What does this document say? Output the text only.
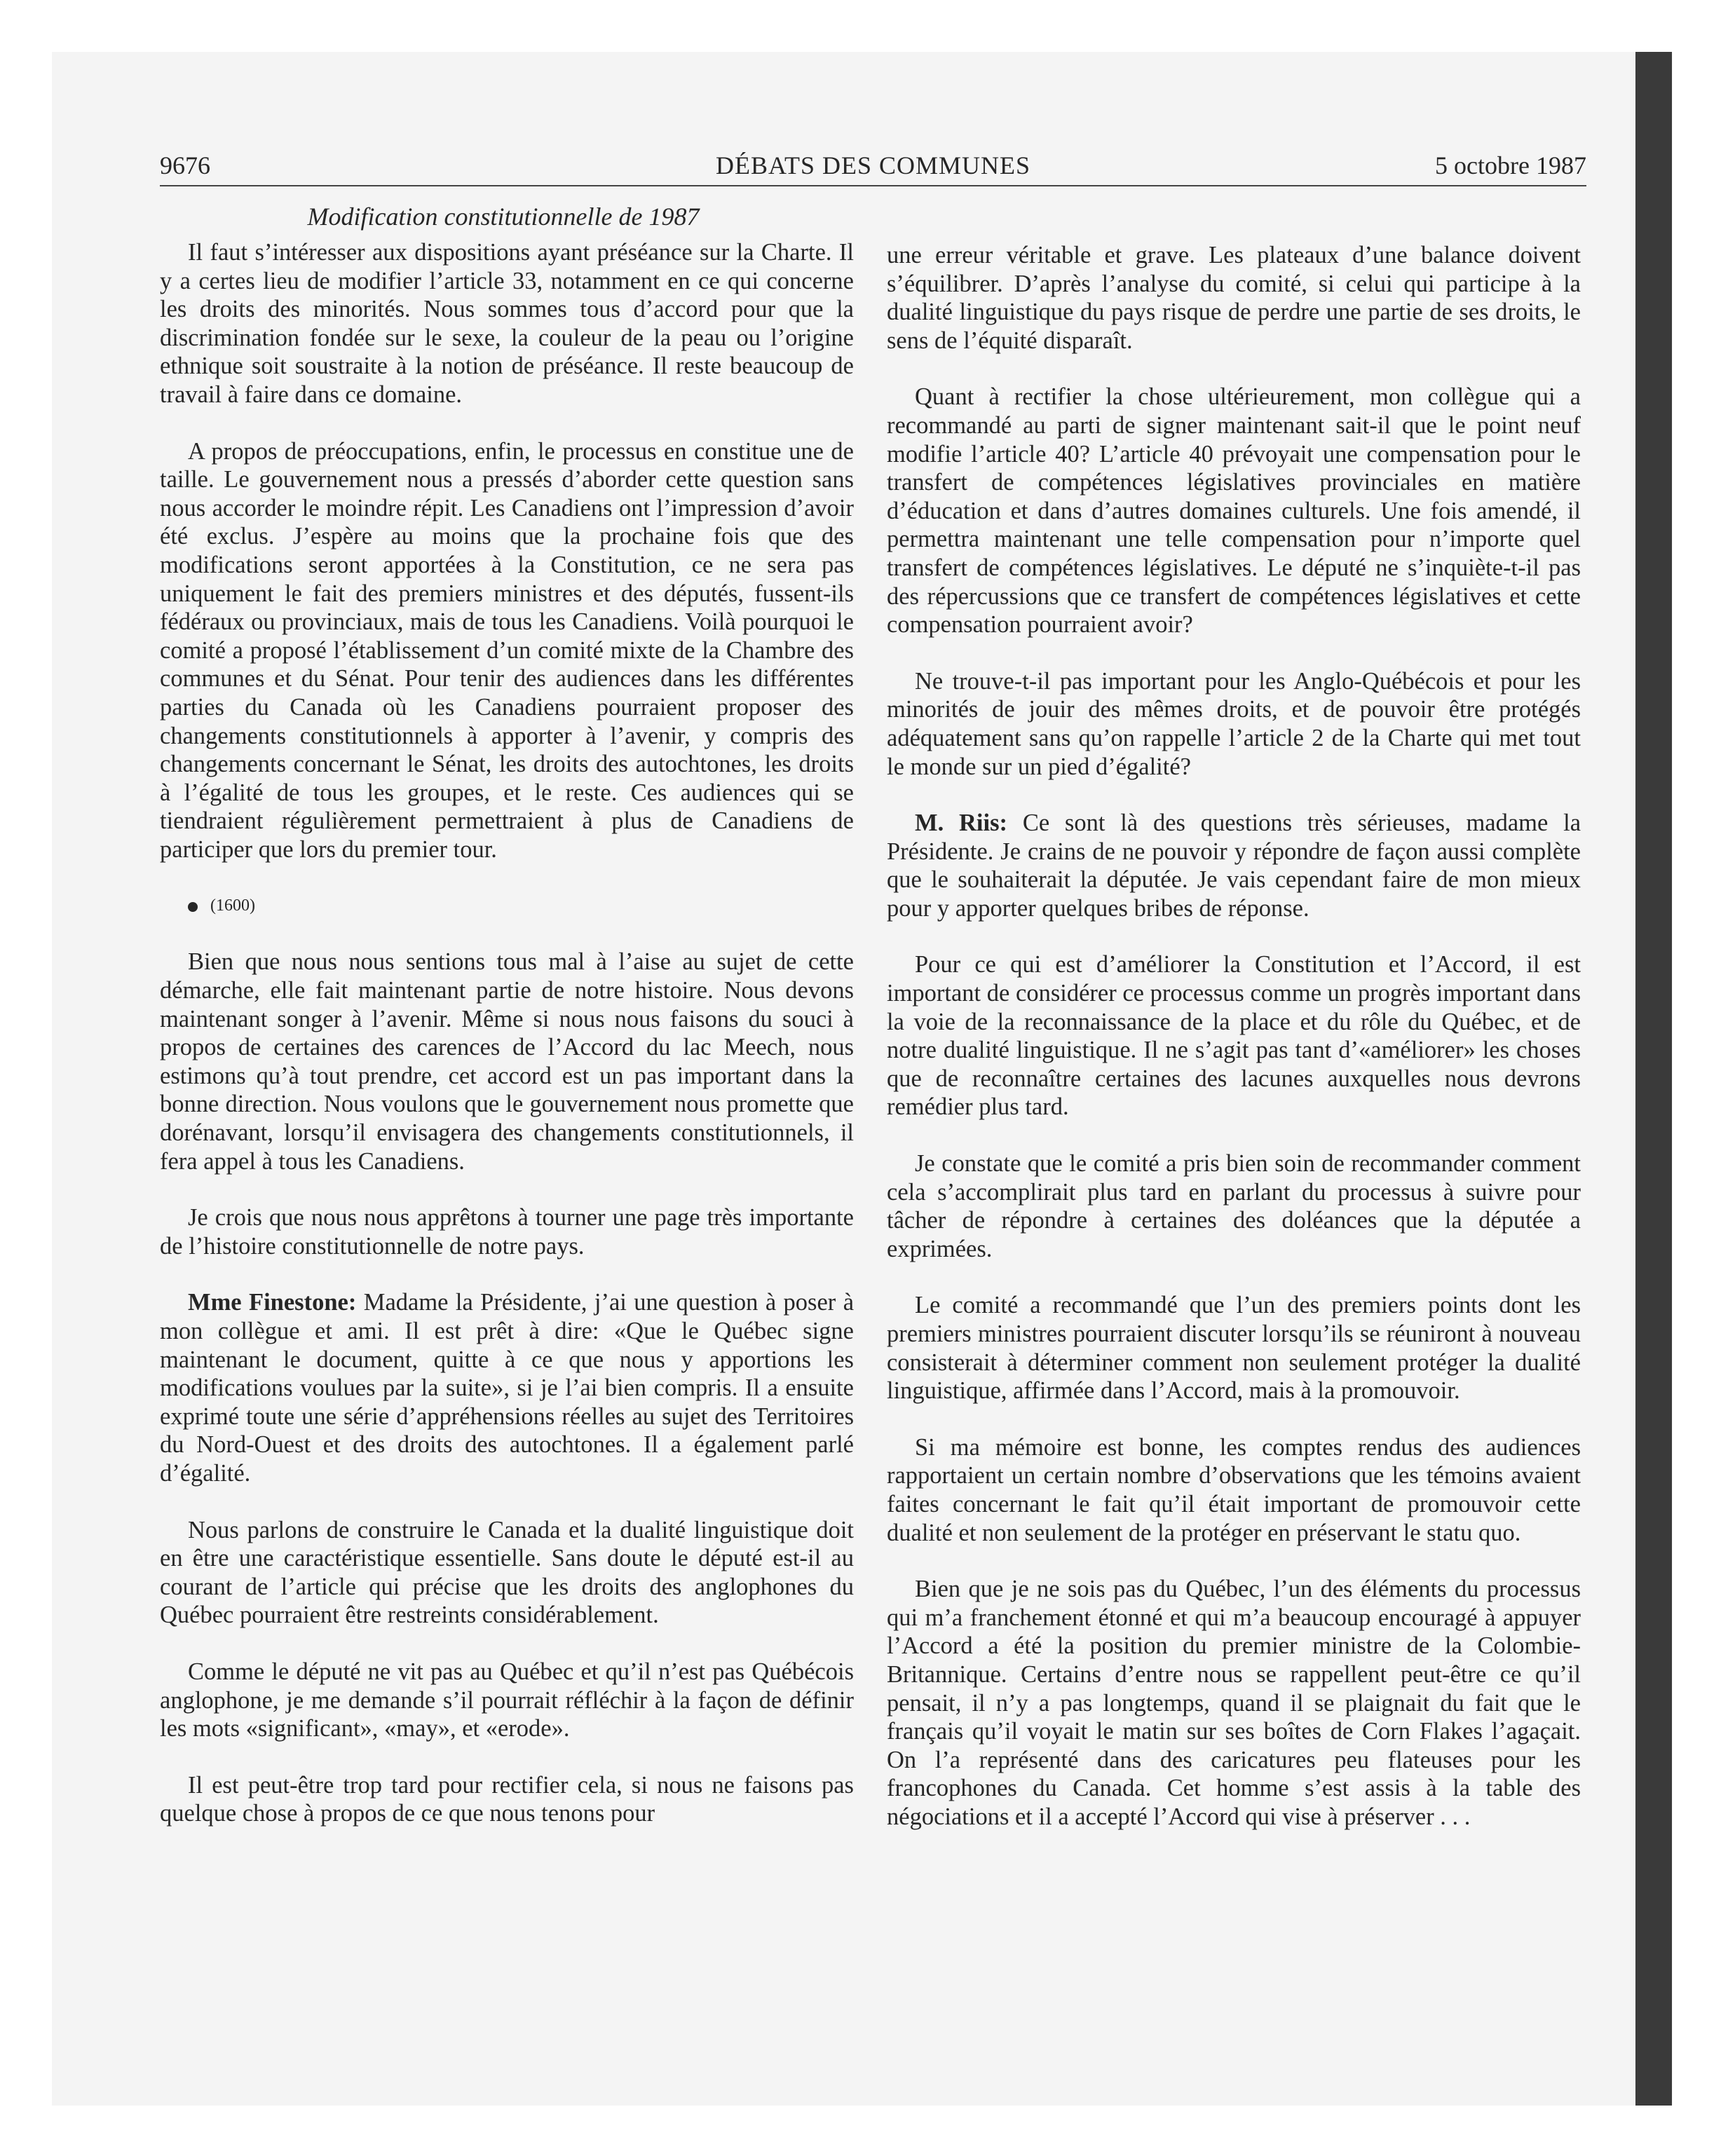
DÉBATS DES COMMUNES
9676	5 octobre 1987
Modification constitutionnelle de 1987

Il faut s’intéresser aux dispositions ayant préséance sur la Charte. Il y a certes lieu de modifier l’article 33, notamment en ce qui concerne les droits des minorités. Nous sommes tous d’accord pour que la discrimination fondée sur le sexe, la couleur de la peau ou l’origine ethnique soit soustraite à la notion de préséance. Il reste beaucoup de travail à faire dans ce domaine.

A propos de préoccupations, enfin, le processus en constitue une de taille. Le gouvernement nous a pressés d’aborder cette question sans nous accorder le moindre répit. Les Canadiens ont l’impression d’avoir été exclus. J’espère au moins que la prochaine fois que des modifications seront apportées à la Constitution, ce ne sera pas uniquement le fait des premiers ministres et des députés, fussent-ils fédéraux ou provinciaux, mais de tous les Canadiens. Voilà pourquoi le comité a proposé l’établissement d’un comité mixte de la Chambre des communes et du Sénat. Pour tenir des audiences dans les différentes parties du Canada où les Canadiens pourraient proposer des changements constitutionnels à apporter à l’avenir, y compris des changements concernant le Sénat, les droits des autochtones, les droits à l’égalité de tous les groupes, et le reste. Ces audiences qui se tiendraient régulièrement permettraient à plus de Canadiens de participer que lors du premier tour.

(1600)

Bien que nous nous sentions tous mal à l’aise au sujet de cette démarche, elle fait maintenant partie de notre histoire. Nous devons maintenant songer à l’avenir. Même si nous nous faisons du souci à propos de certaines des carences de l’Accord du lac Meech, nous estimons qu’à tout prendre, cet accord est un pas important dans la bonne direction. Nous voulons que le gouvernement nous promette que dorénavant, lorsqu’il envisagera des changements constitutionnels, il fera appel à tous les Canadiens.

Je crois que nous nous apprêtons à tourner une page très importante de l’histoire constitutionnelle de notre pays.

Mme Finestone: Madame la Présidente, j’ai une question à poser à mon collègue et ami. Il est prêt à dire: «Que le Québec signe maintenant le document, quitte à ce que nous y apportions les modifications voulues par la suite», si je l’ai bien compris. Il a ensuite exprimé toute une série d’appréhensions réelles au sujet des Territoires du Nord-Ouest et des droits des autochtones. Il a également parlé d’égalité.

Nous parlons de construire le Canada et la dualité linguistique doit en être une caractéristique essentielle. Sans doute le député est-il au courant de l’article qui précise que les droits des anglophones du Québec pourraient être restreints considérablement.

Comme le député ne vit pas au Québec et qu’il n’est pas Québécois anglophone, je me demande s’il pourrait réfléchir à la façon de définir les mots «significant», «may», et «erode».

Il est peut-être trop tard pour rectifier cela, si nous ne faisons pas quelque chose à propos de ce que nous tenons pour

une erreur véritable et grave. Les plateaux d’une balance doivent s’équilibrer. D’après l’analyse du comité, si celui qui participe à la dualité linguistique du pays risque de perdre une partie de ses droits, le sens de l’équité disparaît.

Quant à rectifier la chose ultérieurement, mon collègue qui a recommandé au parti de signer maintenant sait-il que le point neuf modifie l’article 40? L’article 40 prévoyait une compensation pour le transfert de compétences législatives provinciales en matière d’éducation et dans d’autres domaines culturels. Une fois amendé, il permettra maintenant une telle compensation pour n’importe quel transfert de compétences législatives. Le député ne s’inquiète-t-il pas des répercussions que ce transfert de compétences législatives et cette compensation pourraient avoir?

Ne trouve-t-il pas important pour les Anglo-Québécois et pour les minorités de jouir des mêmes droits, et de pouvoir être protégés adéquatement sans qu’on rappelle l’article 2 de la Charte qui met tout le monde sur un pied d’égalité?

M. Riis: Ce sont là des questions très sérieuses, madame la Présidente. Je crains de ne pouvoir y répondre de façon aussi complète que le souhaiterait la députée. Je vais cependant faire de mon mieux pour y apporter quelques bribes de réponse.

Pour ce qui est d’améliorer la Constitution et l’Accord, il est important de considérer ce processus comme un progrès important dans la voie de la reconnaissance de la place et du rôle du Québec, et de notre dualité linguistique. Il ne s’agit pas tant d’«améliorer» les choses que de reconnaître certaines des lacunes auxquelles nous devrons remédier plus tard.

Je constate que le comité a pris bien soin de recommander comment cela s’accomplirait plus tard en parlant du processus à suivre pour tâcher de répondre à certaines des doléances que la députée a exprimées.

Le comité a recommandé que l’un des premiers points dont les premiers ministres pourraient discuter lorsqu’ils se réuniront à nouveau consisterait à déterminer comment non seulement protéger la dualité linguistique, affirmée dans l’Accord, mais à la promouvoir.

Si ma mémoire est bonne, les comptes rendus des audiences rapportaient un certain nombre d’observations que les témoins avaient faites concernant le fait qu’il était important de promouvoir cette dualité et non seulement de la protéger en préservant le statu quo.

Bien que je ne sois pas du Québec, l’un des éléments du processus qui m’a franchement étonné et qui m’a beaucoup encouragé à appuyer l’Accord a été la position du premier ministre de la Colombie-Britannique. Certains d’entre nous se rappellent peut-être ce qu’il pensait, il n’y a pas longtemps, quand il se plaignait du fait que le français qu’il voyait le matin sur ses boîtes de Corn Flakes l’agaçait. On l’a représenté dans des caricatures peu flateuses pour les francophones du Canada. Cet homme s’est assis à la table des négociations et il a accepté l’Accord qui vise à préserver . . .
